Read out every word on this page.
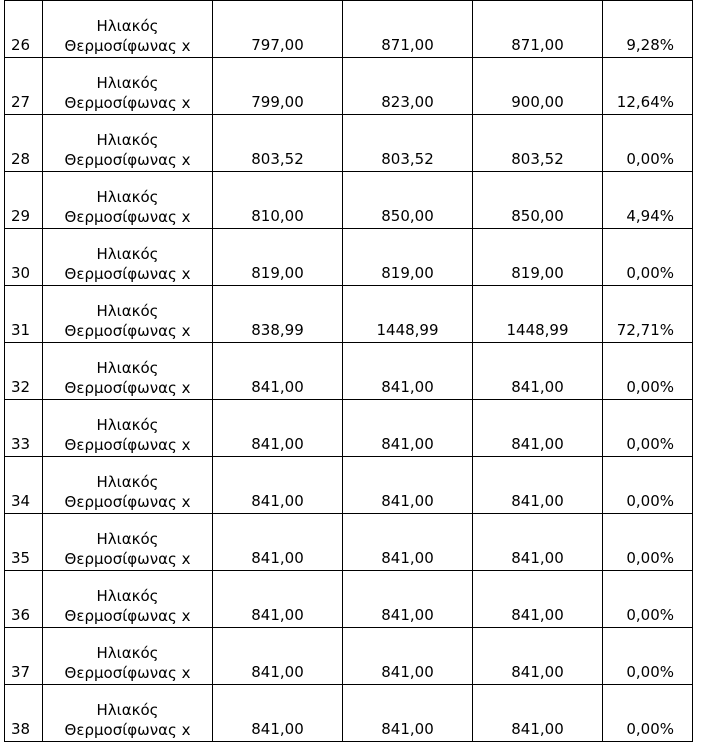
26	Ηλιακός
Θερμοσίφωνας x	797,00	871,00	871,00	9,28%
27	Ηλιακός
Θερμοσίφωνας x	799,00	823,00	900,00	12,64%
28	Ηλιακός
Θερμοσίφωνας x	803,52	803,52	803,52	0,00%
29	Ηλιακός
Θερμοσίφωνας x	810,00	850,00	850,00	4,94%
30	Ηλιακός
Θερμοσίφωνας x	819,00	819,00	819,00	0,00%
31	Ηλιακός
Θερμοσίφωνας x	838,99	1448,99	1448,99	72,71%
32	Ηλιακός
Θερμοσίφωνας x	841,00	841,00	841,00	0,00%
33	Ηλιακός
Θερμοσίφωνας x	841,00	841,00	841,00	0,00%
34	Ηλιακός
Θερμοσίφωνας x	841,00	841,00	841,00	0,00%
35	Ηλιακός
Θερμοσίφωνας x	841,00	841,00	841,00	0,00%
36	Ηλιακός
Θερμοσίφωνας x	841,00	841,00	841,00	0,00%
37	Ηλιακός
Θερμοσίφωνας x	841,00	841,00	841,00	0,00%
38	Ηλιακός
Θερμοσίφωνας x	841,00	841,00	841,00	0,00%
